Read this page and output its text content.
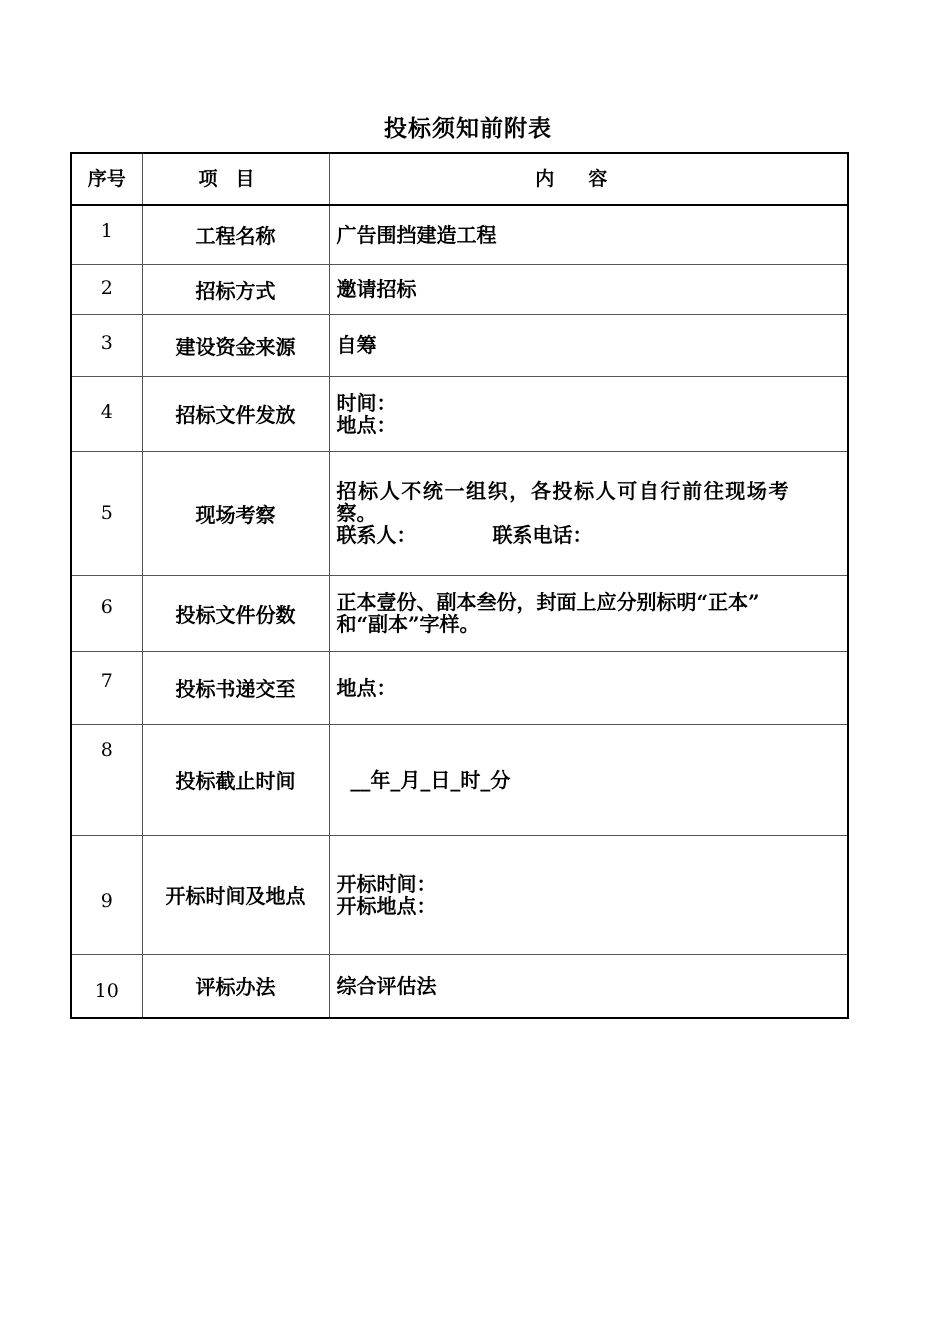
投标须知前附表
序号	项目	内容
1	工程名称	广告围挡建造工程

2	招标方式	邀请招标

3	建设资金来源	自筹

4	招标文件发放	时间：
地点：

5	现场考察	招标人不统一组织，各投标人可自行前往现场考
察。
联系人： 联系电话：

6	投标文件份数	正本壹份、副本叁份，封面上应分别标明“正本”
和“副本”字样。

7	投标书递交至	地点：

8	投标截止时间	__年_月_日_时_分

9	开标时间及地点	开标时间：
开标地点：

10	评标办法	综合评估法
